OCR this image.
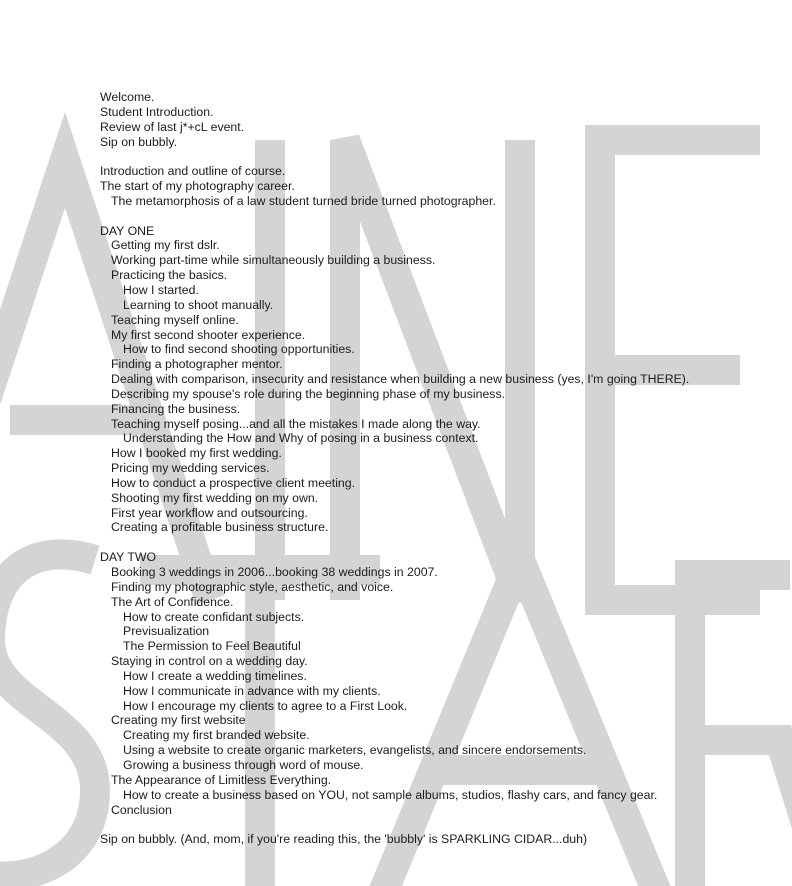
Welcome.
Student Introduction.
Review of last j*+cL event.
Sip on bubbly.
Introduction and outline of course.
The start of my photography career.
The metamorphosis of a law student turned bride turned photographer.
DAY ONE
Getting my first dslr.
Working part-time while simultaneously building a business.
Practicing the basics.
How I started.
Learning to shoot manually.
Teaching myself online.
My first second shooter experience.
How to find second shooting opportunities.
Finding a photographer mentor.
Dealing with comparison, insecurity and resistance when building a new business (yes, I'm going THERE).
Describing my spouse's role during the beginning phase of my business.
Financing the business.
Teaching myself posing...and all the mistakes I made along the way.
Understanding the How and Why of posing in a business context.
How I booked my first wedding.
Pricing my wedding services.
How to conduct a prospective client meeting.
Shooting my first wedding on my own.
First year workflow and outsourcing.
Creating a profitable business structure.
DAY TWO
Booking 3 weddings in 2006...booking 38 weddings in 2007.
Finding my photographic style, aesthetic, and voice.
The Art of Confidence.
How to create confidant subjects.
Previsualization
The Permission to Feel Beautiful
Staying in control on a wedding day.
How I create a wedding timelines.
How I communicate in advance with my clients.
How I encourage my clients to agree to a First Look.
Creating my first website
Creating my first branded website.
Using a website to create organic marketers, evangelists, and sincere endorsements.
Growing a business through word of mouse.
The Appearance of Limitless Everything.
How to create a business based on YOU, not sample albums, studios, flashy cars, and fancy gear.
Conclusion
Sip on bubbly. (And, mom, if you're reading this, the 'bubbly' is SPARKLING CIDAR...duh)
